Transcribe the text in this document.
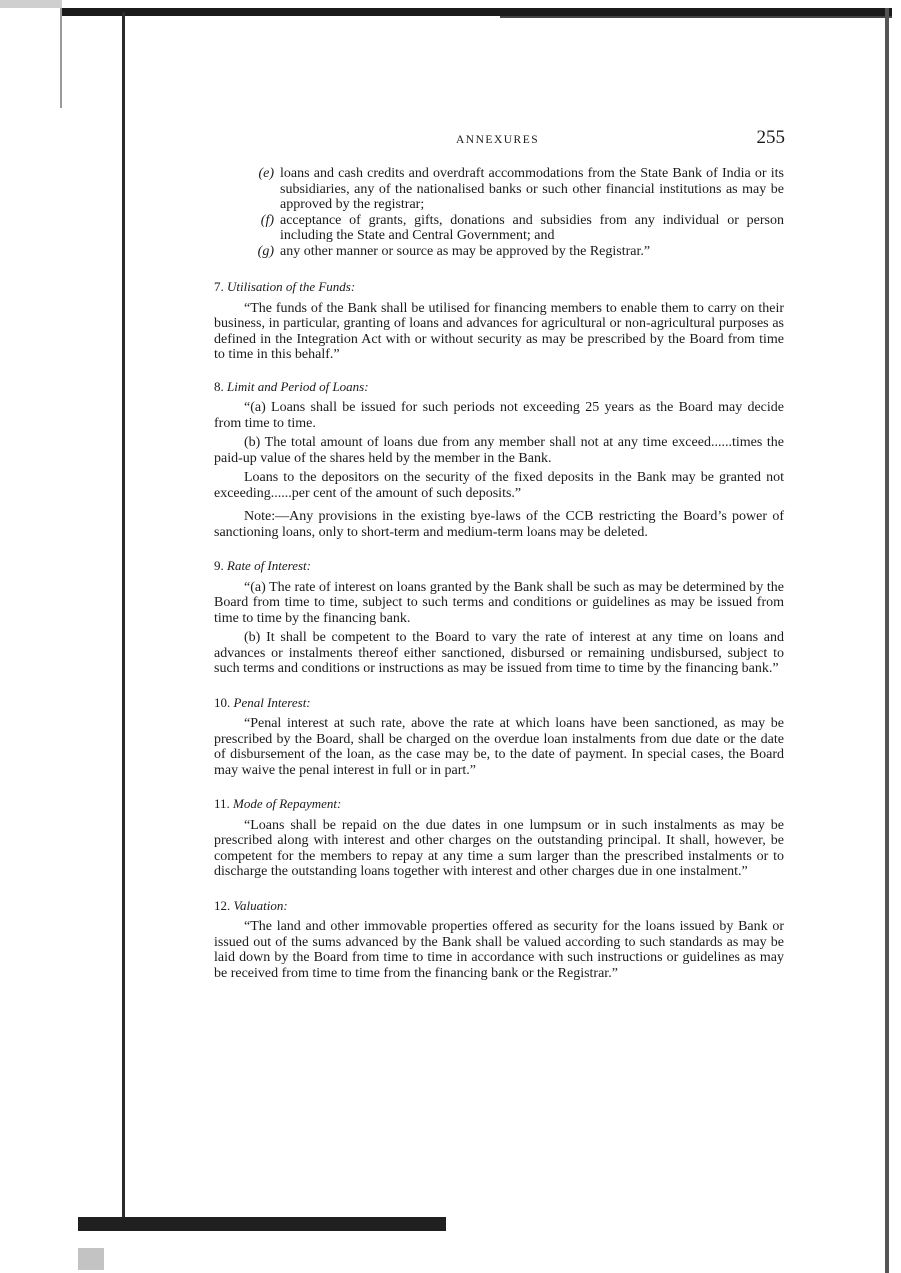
ANNEXURES	255

(e) loans and cash credits and overdraft accommodations from the State Bank of India or its subsidiaries, any of the nationalised banks or such other financial institutions as may be approved by the registrar;

(f) acceptance of grants, gifts, donations and subsidies from any individual or person including the State and Central Government; and

(g) any other manner or source as may be approved by the Registrar.”

7. Utilisation of the Funds:

“The funds of the Bank shall be utilised for financing members to enable them to carry on their business, in particular, granting of loans and advances for agricultural or non-agricultural purposes as defined in the Integration Act with or without security as may be prescribed by the Board from time to time in this behalf.”

8. Limit and Period of Loans:

“(a) Loans shall be issued for such periods not exceeding 25 years as the Board may decide from time to time.

(b) The total amount of loans due from any member shall not at any time exceed......times the paid-up value of the shares held by the member in the Bank.

Loans to the depositors on the security of the fixed deposits in the Bank may be granted not exceeding......per cent of the amount of such deposits.”

Note:—Any provisions in the existing bye-laws of the CCB restricting the Board’s power of sanctioning loans, only to short-term and medium-term loans may be deleted.

9. Rate of Interest:

“(a) The rate of interest on loans granted by the Bank shall be such as may be determined by the Board from time to time, subject to such terms and conditions or guidelines as may be issued from time to time by the financing bank.

(b) It shall be competent to the Board to vary the rate of interest at any time on loans and advances or instalments thereof either sanctioned, disbursed or remaining undisbursed, subject to such terms and conditions or instructions as may be issued from time to time by the financing bank.”

10. Penal Interest:

“Penal interest at such rate, above the rate at which loans have been sanctioned, as may be prescribed by the Board, shall be charged on the overdue loan instalments from due date or the date of disbursement of the loan, as the case may be, to the date of payment. In special cases, the Board may waive the penal interest in full or in part.”

11. Mode of Repayment:

“Loans shall be repaid on the due dates in one lumpsum or in such instalments as may be prescribed along with interest and other charges on the outstanding principal. It shall, however, be competent for the members to repay at any time a sum larger than the prescribed instalments or to discharge the outstanding loans together with interest and other charges due in one instalment.”

12. Valuation:

“The land and other immovable properties offered as security for the loans issued by Bank or issued out of the sums advanced by the Bank shall be valued according to such standards as may be laid down by the Board from time to time in accordance with such instructions or guidelines as may be received from time to time from the financing bank or the Registrar.”
